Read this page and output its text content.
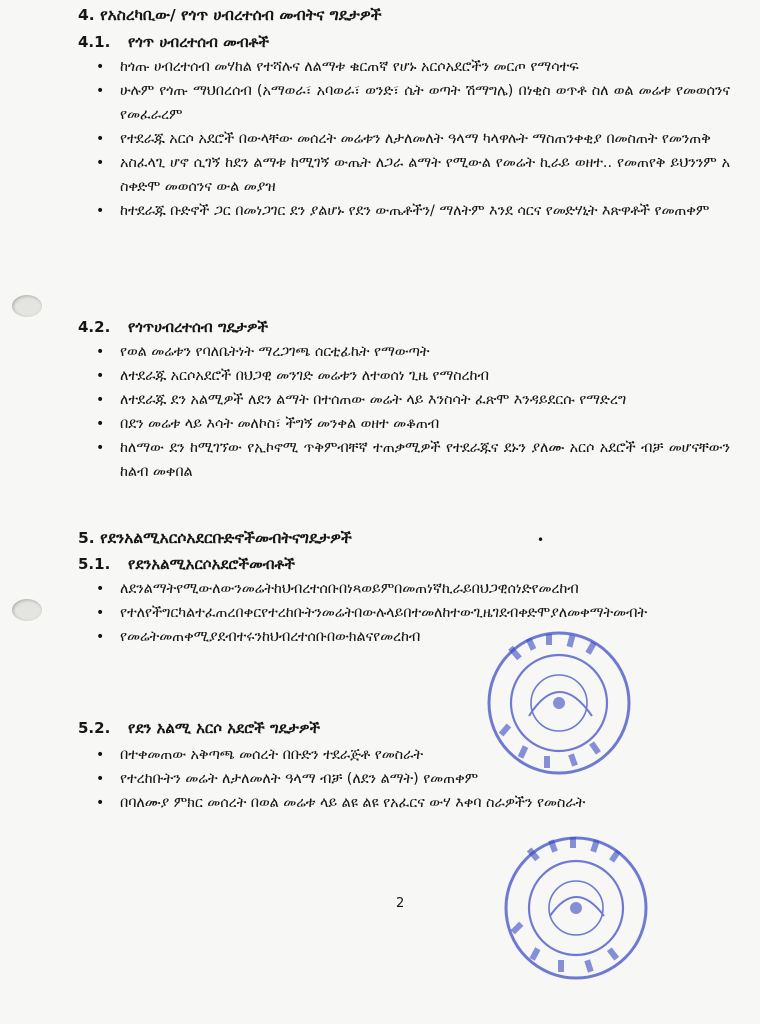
4. የአስረካቢው/ የጎጥ ሀብረተሰብ መብትና ግዴታዎች
4.1. የጎጥ ሀብረተሰብ መብቶች
• ከጎጡ ሀብረተሰብ መሃከል የተሻሉና ለልማቱ ቁርጠኛ የሆኑ አርሶአደሮችን መርጦ የማሳተፍ
• ሁሉም የጎጡ ማህበረሰብ (አማወራ፣ አባወራ፣ ወንድ፣ ሴት ወጣት ሽማግሌ) በነቂስ ወጥቶ ስለ ወል መሬቱ የመወሰንና የመፈራረም
• የተደራጁ አርሶ አደሮች በውላቸው መሰረት መሬቱን ለታለመለት ዓላማ ካላዋሉት ማስጠንቀቂያ በመስጠት የመንጠቅ
• አስፈላጊ ሆኖ ሲገኝ ከደን ልማቱ ከሚገኝ ውጤት ለጋራ ልማት የሚውል የመሬት ኪራይ ወዘተ.. የመጠየቅ ይህንንም አስቀድሞ መወሰንና ውል መያዝ
• ከተደራጁ ቡድኖች ጋር በመነጋገር ደን ያልሆኑ የደን ውጤቶችን/ ማለትም እንደ ሳርና የመድሃኒት እጽዋቶች የመጠቀም
4.2. የጎጥሀብረተሰብ ግዴታዎች
• የወል መሬቱን የባለቤትነት ማረጋገጫ ሰርቲፊኬት የማውጣት
• ለተደራጁ አርሶአደሮች በህጋዊ መንገድ መሬቱን ለተወሰነ ጊዜ የማስረከብ
• ለተደራጁ ደን አልሚዎች ለደን ልማት በተሰጠው መሬት ላይ እንስሳት ፈጽሞ እንዳይደርሱ የማድረግ
• በደን መሬቱ ላይ እሳት መለኮስ፣ ችግኝ መንቀል ወዘተ መቆጠብ
• ከለማው ደን ከሚገኘው የኢኮኖሚ ጥቅምብቸኛ ተጠቃሚዎች የተደራጁና ደኑን ያለሙ አርሶ አደሮች ብቻ መሆናቸውን ከልብ መቀበል
5. የደንአልሚአርሶአደርቡድኖችመብትናግዴታዎች	•
5.1. የደንአልሚአርሶአደሮችመብቶች
• ለደንልማትየሚውለውንመሬትከህብረተሰቡበነጻወይምበመጠነኛኪራይበህጋዊሰነድየመረከብ
• የተለየችግርካልተፈጠረበቀርየተረከቡትንመሬትበውሉላይበተመለከተውጊዜገደብቀድሞያለመቀማትመብት
• የመሬትመጠቀሚያደብተሩንከህብረተሰቡበውክልናየመረከብ
5.2. የደን አልሚ አርሶ አደሮች ግዴታዎች
• በተቀመጠው አቅጣጫ መሰረት በቡድን ተደራጅቶ የመስራት
• የተረከቡትን መሬት ለታለመለት ዓላማ ብቻ (ለደን ልማት) የመጠቀም
• በባለሙያ ምክር መሰረት በወል መሬቱ ላይ ልዩ ልዩ የአፈርና ውሃ እቀባ ስራዎችን የመስራት
2
